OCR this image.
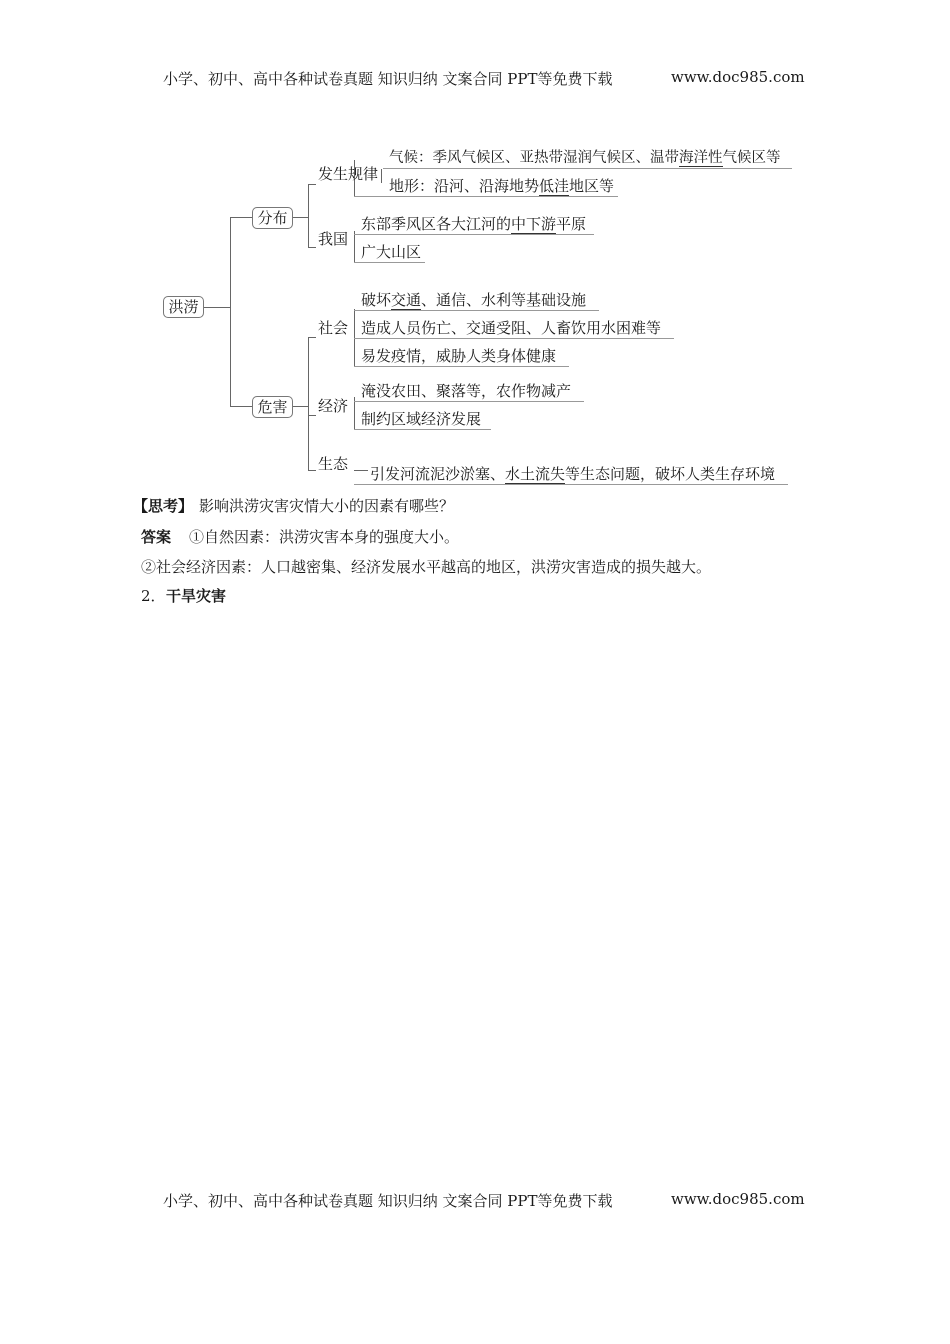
小学、初中、高中各种试卷真题 知识归纳 文案合同 PPT等免费下载	www.doc985.com
洪涝
分布
危害
发生规律
我国
社会
经济
生态
气候：季风气候区、亚热带湿润气候区、温带海洋性气候区等
地形：沿河、沿海地势低洼地区等
东部季风区各大江河的中下游平原
广大山区
破坏交通、通信、水利等基础设施
造成人员伤亡、交通受阻、人畜饮用水困难等
易发疫情，威胁人类身体健康
淹没农田、聚落等，农作物减产
制约区域经济发展
引发河流泥沙淤塞、水土流失等生态问题，破坏人类生存环境
【思考】 影响洪涝灾害灾情大小的因素有哪些？
答案 ①自然因素：洪涝灾害本身的强度大小。
②社会经济因素：人口越密集、经济发展水平越高的地区，洪涝灾害造成的损失越大。
2． 干旱灾害
小学、初中、高中各种试卷真题 知识归纳 文案合同 PPT等免费下载	www.doc985.com
